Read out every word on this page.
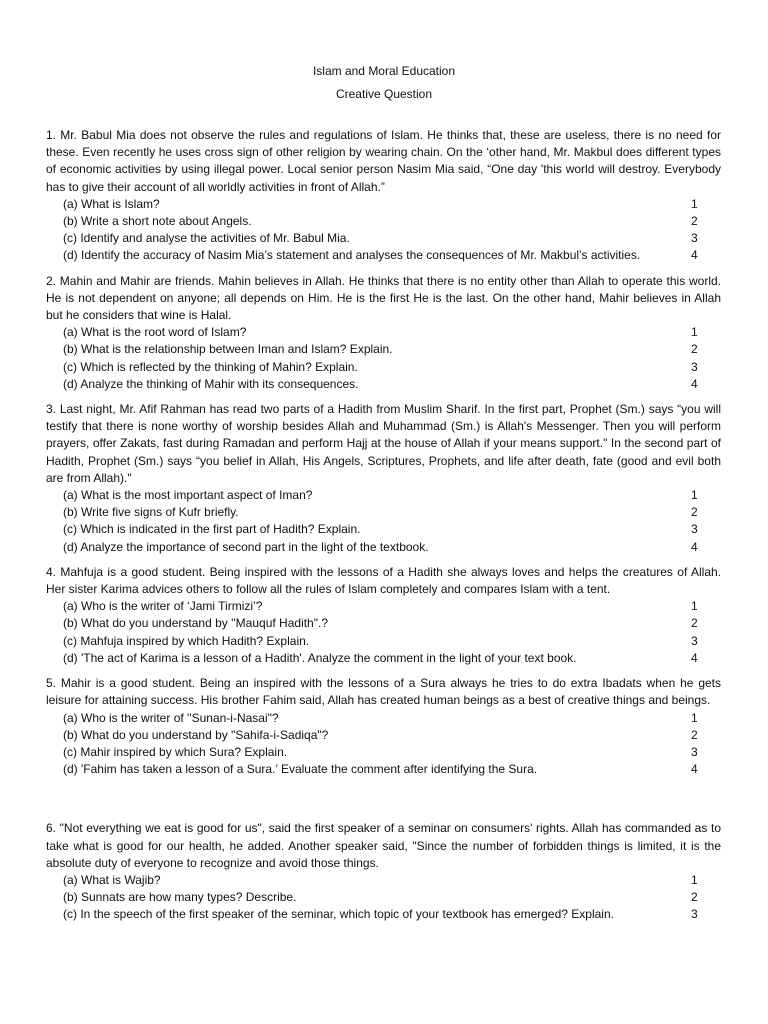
Islam and Moral Education
Creative Question
1. Mr. Babul Mia does not observe the rules and regulations of Islam. He thinks that, these are useless, there is no need for these. Even recently he uses cross sign of other religion by wearing chain. On the ‘other hand, Mr. Makbul does different types of economic activities by using illegal power. Local senior person Nasim Mia said, “One day 'this world will destroy. Everybody has to give their account of all worldly activities in front of Allah.”
(a) What is Islam?	1
(b) Write a short note about Angels.	2
(c) Identify and analyse the activities of Mr. Babul Mia.	3
(d) Identify the accuracy of Nasim Mia’s statement and analyses the consequences of Mr. Makbul’s activities.	4
2. Mahin and Mahir are friends. Mahin believes in Allah. He thinks that there is no entity other than Allah to operate this world. He is not dependent on anyone; all depends on Him. He is the first He is the last. On the other hand, Mahir believes in Allah but he considers that wine is Halal.
(a) What is the root word of Islam?	1
(b) What is the relationship between Iman and Islam? Explain.	2
(c) Which is reflected by the thinking of Mahin? Explain.	3
(d) Analyze the thinking of Mahir with its consequences.	4
3. Last night, Mr. Afif Rahman has read two parts of a Hadith from Muslim Sharif. In the first part, Prophet (Sm.) says “you will testify that there is none worthy of worship besides Allah and Muhammad (Sm.) is Allah's Messenger. Then you will perform prayers, offer Zakats, fast during Ramadan and perform Hajj at the house of Allah if your means support." In the second part of Hadith, Prophet (Sm.) says “you belief in Allah, His Angels, Scriptures, Prophets, and life after death, fate (good and evil both are from Allah)."
(a) What is the most important aspect of Iman?	1
(b) Write five signs of Kufr briefly.	2
(c) Which is indicated in the first part of Hadith? Explain.	3
(d) Analyze the importance of second part in the light of the textbook.	4
4. Mahfuja is a good student. Being inspired with the lessons of a Hadith she always loves and helps the creatures of Allah. Her sister Karima advices others to follow all the rules of Islam completely and compares Islam with a tent.
(a) Who is the writer of ‘Jami Tirmizi’?	1
(b) What do you understand by ''Mauquf Hadith".?	2
(c) Mahfuja inspired by which Hadith? Explain.	3
(d) 'The act of Karima is a lesson of a Hadith'. Analyze the comment in the light of your text book.	4
5. Mahir is a good student. Being an inspired with the lessons of a Sura always he tries to do extra Ibadats when he gets leisure for attaining success. His brother Fahim said, Allah has created human beings as a best of creative things and beings.
(a) Who is the writer of ''Sunan-i-Nasai"?	1
(b) What do you understand by "Sahifa-i-Sadiqa"?	2
(c) Mahir inspired by which Sura? Explain.	3
(d) 'Fahim has taken a lesson of a Sura.’ Evaluate the comment after identifying the Sura.	4
6. "Not everything we eat is good for us", said the first speaker of a seminar on consumers' rights. Allah has commanded as to take what is good for our health, he added. Another speaker said, "Since the number of forbidden things is limited, it is the absolute duty of everyone to recognize and avoid those things.
(a) What is Wajib?	1
(b) Sunnats are how many types? Describe.	2
(c) In the speech of the first speaker of the seminar, which topic of your textbook has emerged? Explain.	3
